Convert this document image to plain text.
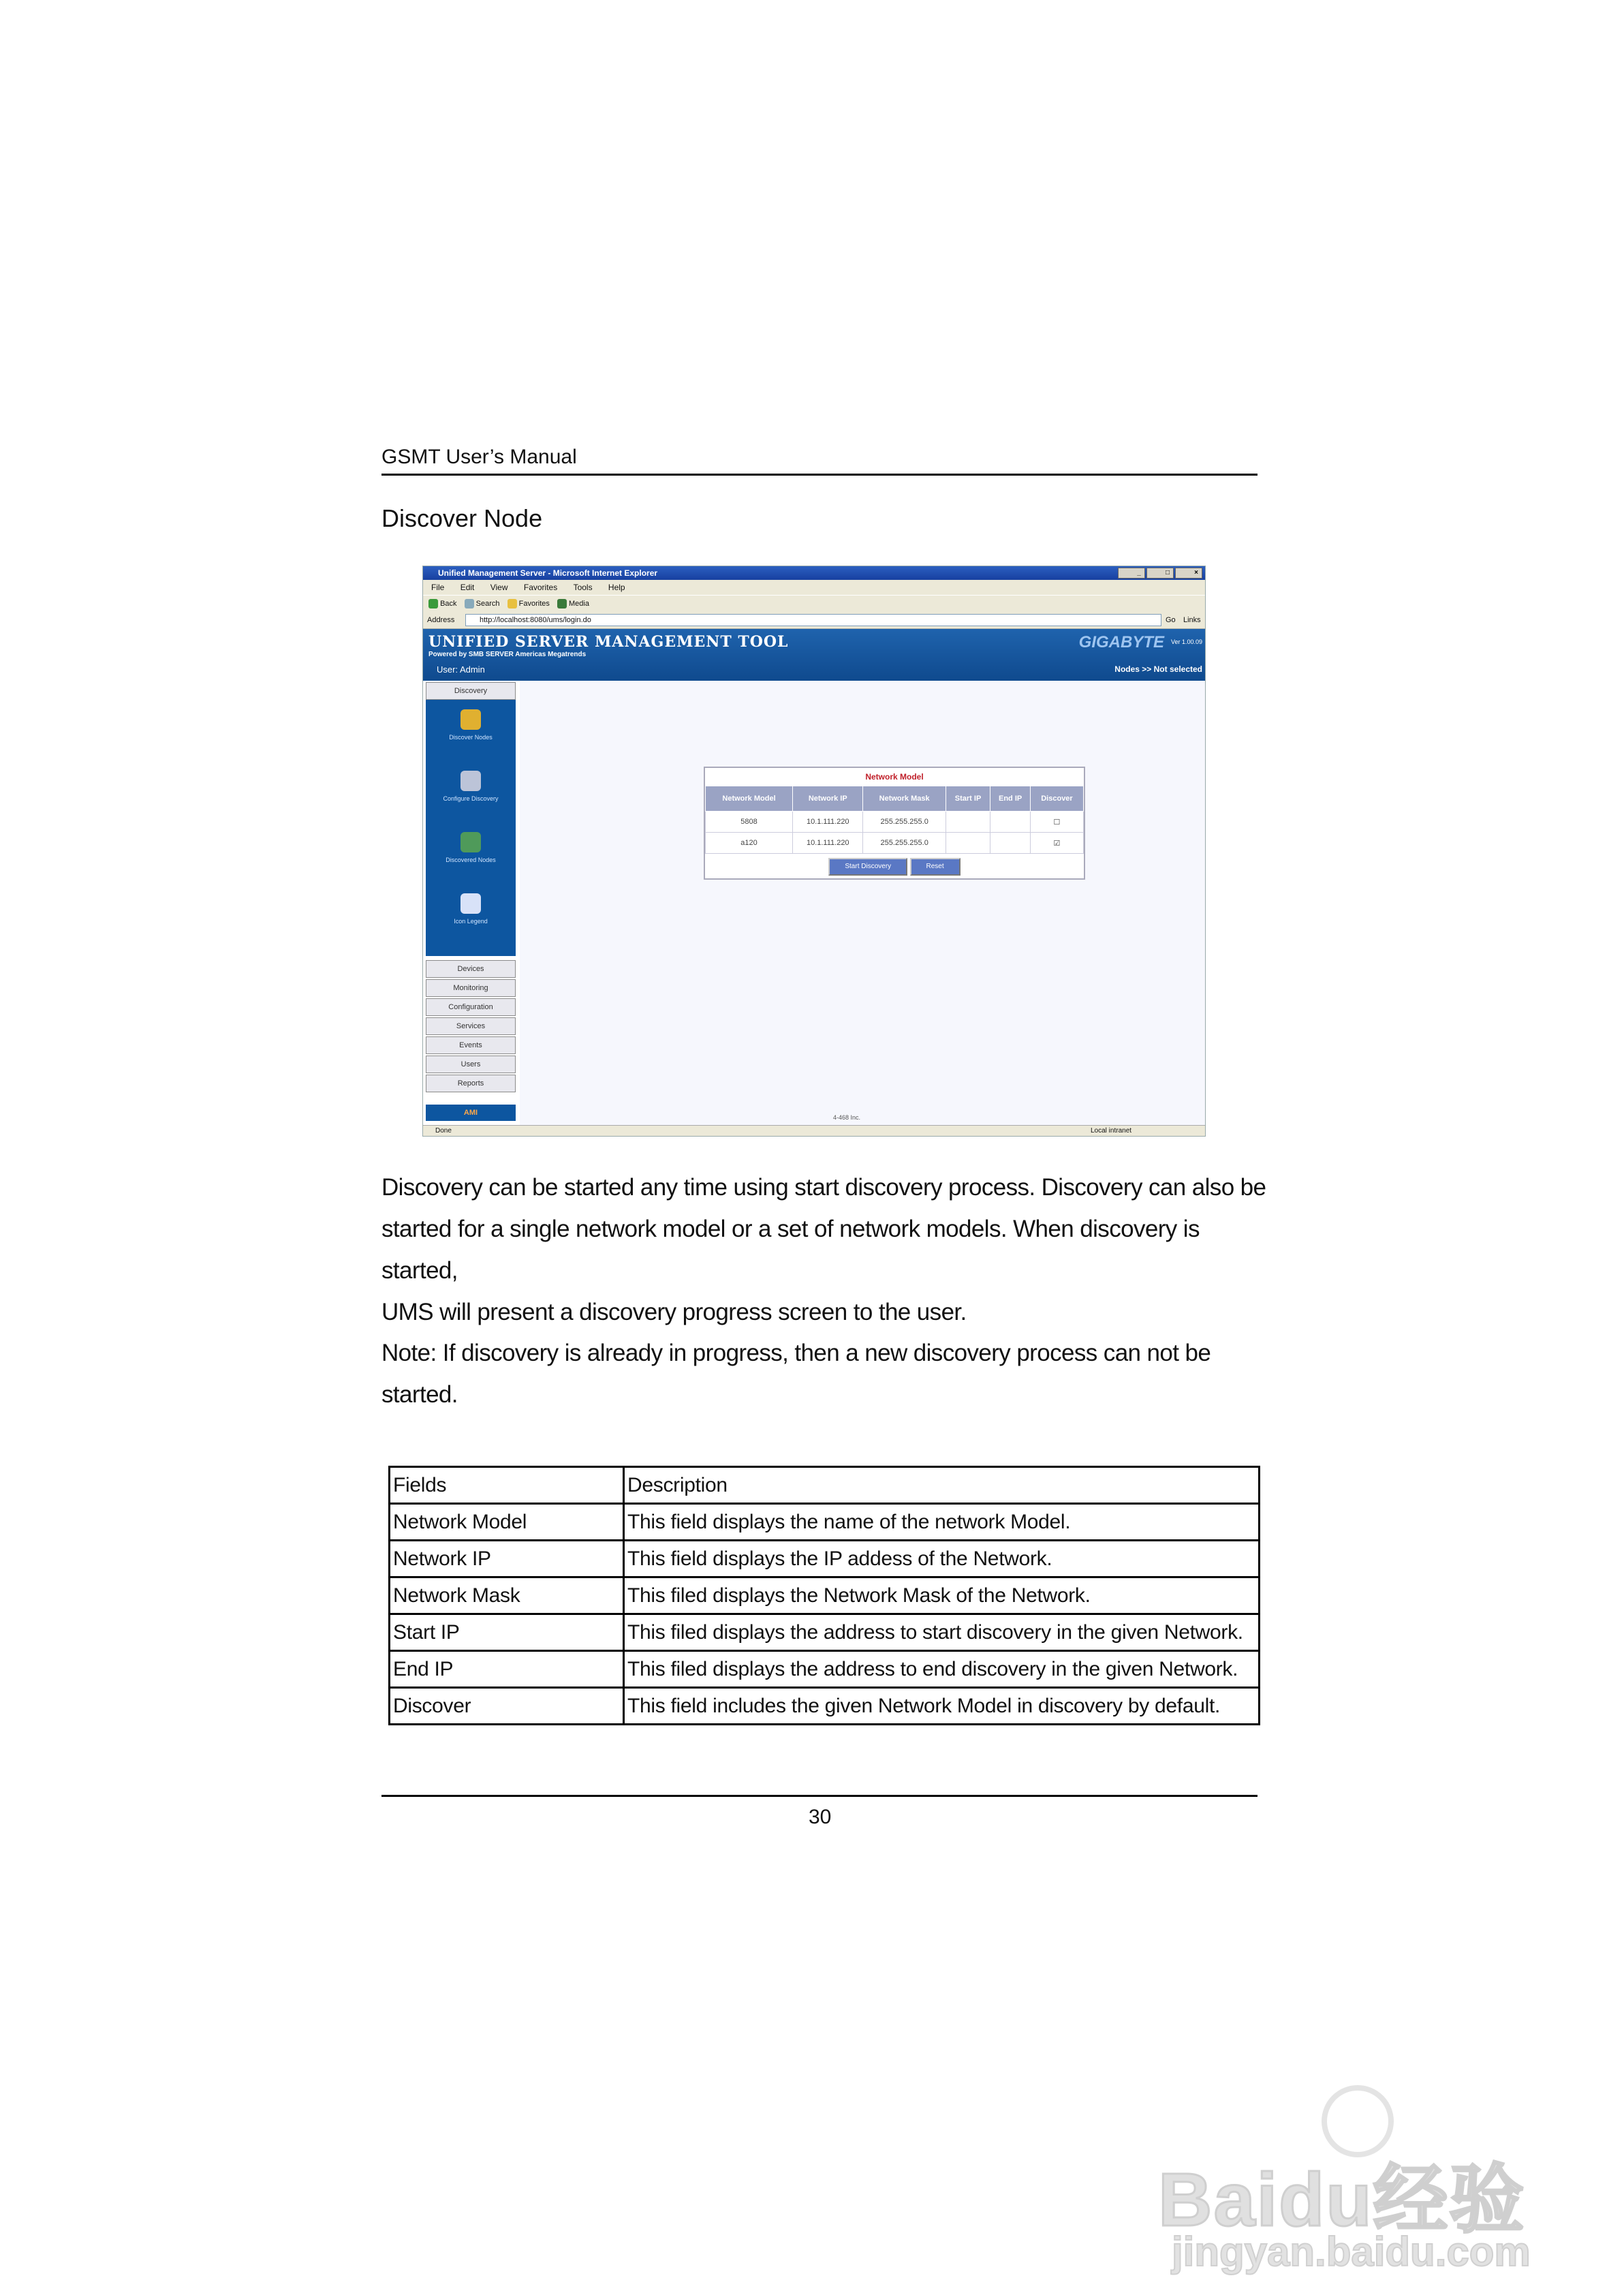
GSMT User’s Manual
Discover Node
Unified Management Server - Microsoft Internet Explorer	_	□	×
File Edit View Favorites Tools Help
Back	Search	Favorites	Media
Address	http://localhost:8080/ums/login.do	Go Links
UNIFIED SERVER MANAGEMENT TOOL
Powered by SMB SERVER Americas Megatrends
User: Admin
GIGABYTE Ver 1.00.09
Nodes >> Not selected
Discovery
Discover Nodes
Configure Discovery
Discovered Nodes
Icon Legend
Devices
Monitoring
Configuration
Services
Events
Users
Reports
AMI
Network Model
Network Model	Network IP	Network Mask	Start IP	End IP	Discover
5808	10.1.111.220	255.255.255.0			☐
a120	10.1.111.220	255.255.255.0			☑
Start Discovery	Reset
4-468 Inc.
Done	Local intranet
Discovery can be started any time using start discovery process. Discovery can also be
started for a single network model or a set of network models. When discovery is started,
UMS will present a discovery progress screen to the user.
Note: If discovery is already in progress, then a new discovery process can not be
started.
Fields	Description
Network Model	This field displays the name of the network Model.
Network IP	This field displays the IP addess of the Network.
Network Mask	This filed displays the Network Mask of the Network.
Start IP	This filed displays the address to start discovery in the given Network.
End IP	This filed displays the address to end discovery in the given Network.
Discover	This field includes the given Network Model in discovery by default.
30
Baidu经验
jingyan.baidu.com
